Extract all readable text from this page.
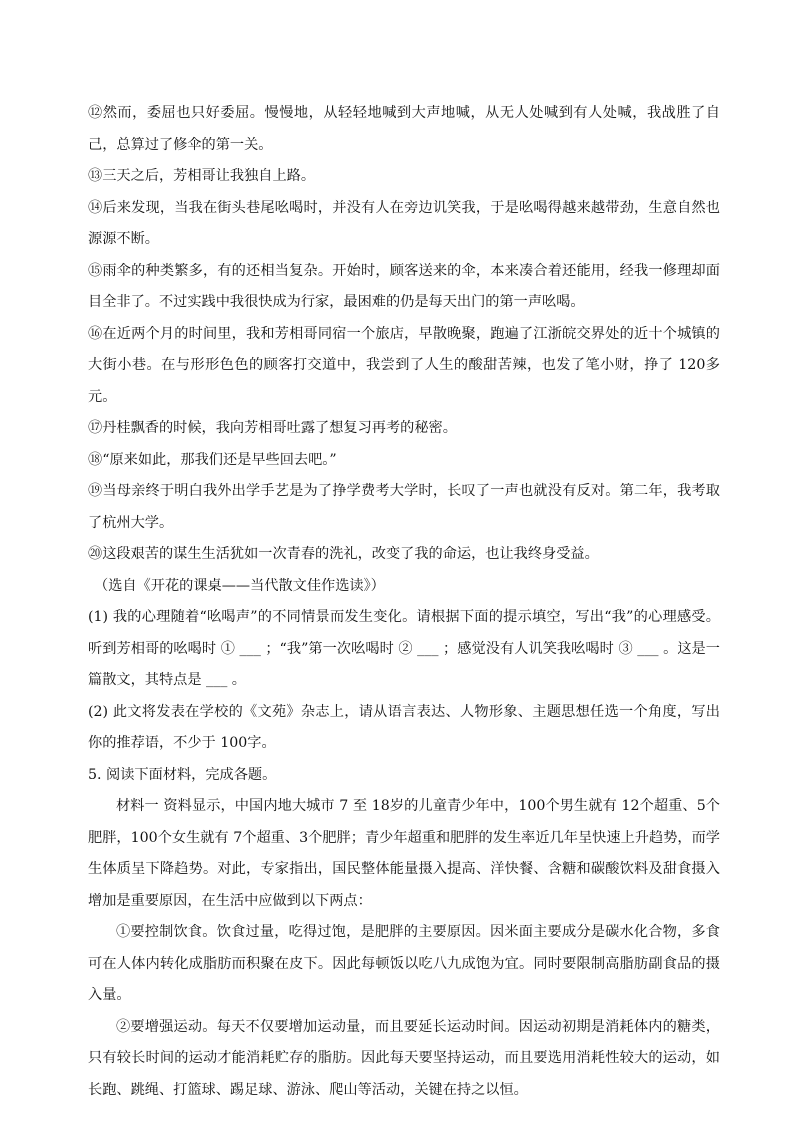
⑫然而，委屈也只好委屈。慢慢地，从轻轻地喊到大声地喊，从无人处喊到有人处喊，我战胜了自己，总算过了修伞的第一关。

⑬三天之后，芳相哥让我独自上路。

⑭后来发现，当我在街头巷尾吆喝时，并没有人在旁边讥笑我，于是吆喝得越来越带劲，生意自然也源源不断。

⑮雨伞的种类繁多，有的还相当复杂。开始时，顾客送来的伞，本来凑合着还能用，经我一修理却面目全非了。不过实践中我很快成为行家，最困难的仍是每天出门的第一声吆喝。

⑯在近两个月的时间里，我和芳相哥同宿一个旅店，早散晚聚，跑遍了江浙皖交界处的近十个城镇的大街小巷。在与形形色色的顾客打交道中，我尝到了人生的酸甜苦辣，也发了笔小财，挣了 120多元。

⑰丹桂飘香的时候，我向芳相哥吐露了想复习再考的秘密。

⑱“原来如此，那我们还是早些回去吧。”

⑲当母亲终于明白我外出学手艺是为了挣学费考大学时，长叹了一声也就没有反对。第二年，我考取了杭州大学。

⑳这段艰苦的谋生生活犹如一次青春的洗礼，改变了我的命运，也让我终身受益。

（选自《开花的课桌——当代散文佳作选读》）

(1) 我的心理随着“吆喝声”的不同情景而发生变化。请根据下面的提示填空，写出“我”的心理感受。听到芳相哥的吆喝时 ① ___ ；“我”第一次吆喝时 ② ___ ；感觉没有人讥笑我吆喝时 ③ ___ 。这是一篇散文，其特点是 ___ 。

(2) 此文将发表在学校的《文苑》杂志上，请从语言表达、人物形象、主题思想任选一个角度，写出你的推荐语，不少于 100字。

5. 阅读下面材料，完成各题。

材料一 资料显示，中国内地大城市 7 至 18岁的儿童青少年中，100个男生就有 12个超重、5个肥胖，100个女生就有 7个超重、3个肥胖；青少年超重和肥胖的发生率近几年呈快速上升趋势，而学生体质呈下降趋势。对此，专家指出，国民整体能量摄入提高、洋快餐、含糖和碳酸饮料及甜食摄入增加是重要原因，在生活中应做到以下两点：

①要控制饮食。饮食过量，吃得过饱，是肥胖的主要原因。因米面主要成分是碳水化合物，多食可在人体内转化成脂肪而积聚在皮下。因此每顿饭以吃八九成饱为宜。同时要限制高脂肪副食品的摄入量。

②要增强运动。每天不仅要增加运动量，而且要延长运动时间。因运动初期是消耗体内的糖类，只有较长时间的运动才能消耗贮存的脂肪。因此每天要坚持运动，而且要选用消耗性较大的运动，如长跑、跳绳、打篮球、踢足球、游泳、爬山等活动，关键在持之以恒。
